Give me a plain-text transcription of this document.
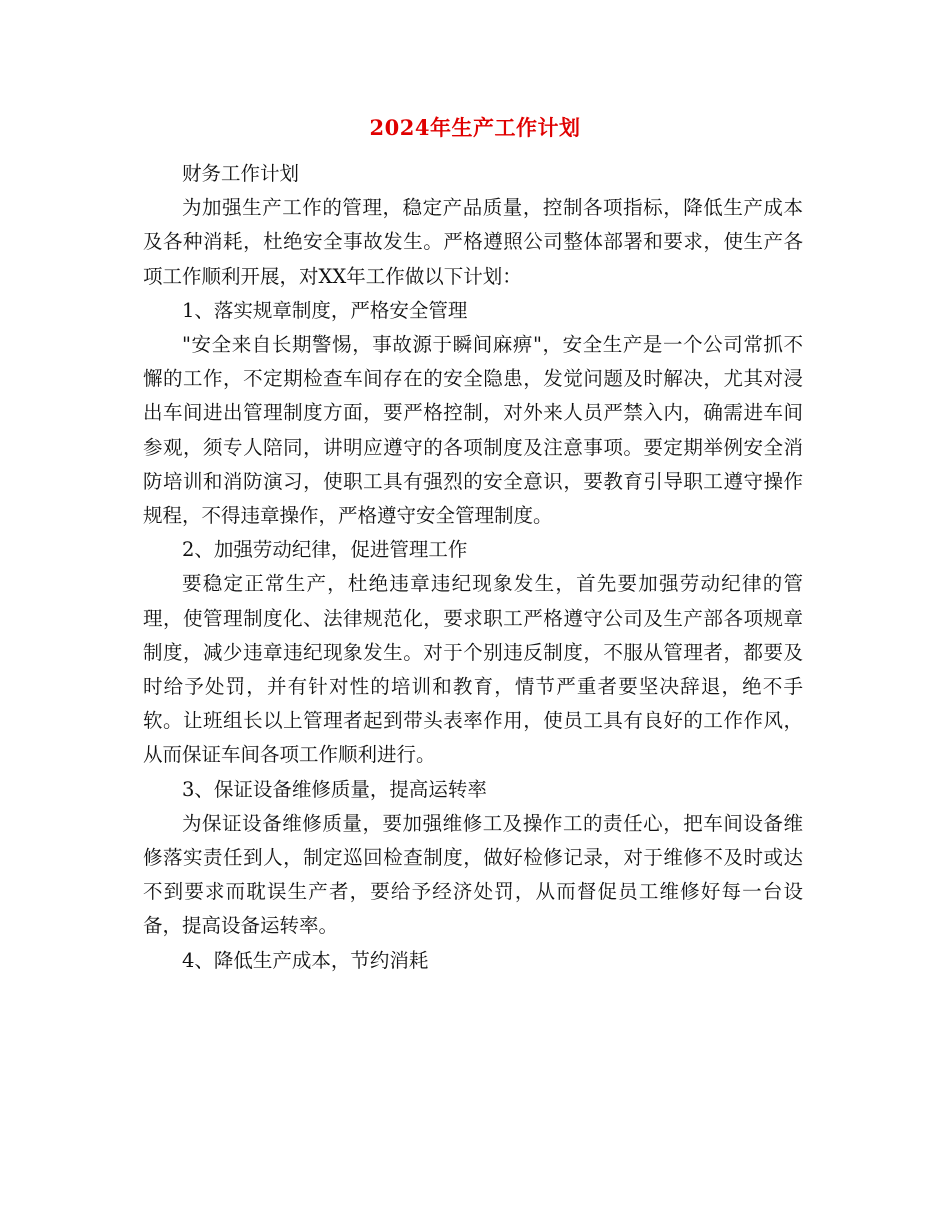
2024年生产工作计划

财务工作计划

为加强生产工作的管理，稳定产品质量，控制各项指标，降低生产成本及各种消耗，杜绝安全事故发生。严格遵照公司整体部署和要求，使生产各项工作顺利开展，对XX年工作做以下计划：

1、落实规章制度，严格安全管理

"安全来自长期警惕，事故源于瞬间麻痹"，安全生产是一个公司常抓不懈的工作，不定期检查车间存在的安全隐患，发觉问题及时解决，尤其对浸出车间进出管理制度方面，要严格控制，对外来人员严禁入内，确需进车间参观，须专人陪同，讲明应遵守的各项制度及注意事项。要定期举例安全消防培训和消防演习，使职工具有强烈的安全意识，要教育引导职工遵守操作规程，不得违章操作，严格遵守安全管理制度。

2、加强劳动纪律，促进管理工作

要稳定正常生产，杜绝违章违纪现象发生，首先要加强劳动纪律的管理，使管理制度化、法律规范化，要求职工严格遵守公司及生产部各项规章制度，减少违章违纪现象发生。对于个别违反制度，不服从管理者，都要及时给予处罚，并有针对性的培训和教育，情节严重者要坚决辞退，绝不手软。让班组长以上管理者起到带头表率作用，使员工具有良好的工作作风，从而保证车间各项工作顺利进行。

3、保证设备维修质量，提高运转率

为保证设备维修质量，要加强维修工及操作工的责任心，把车间设备维修落实责任到人，制定巡回检查制度，做好检修记录，对于维修不及时或达不到要求而耽误生产者，要给予经济处罚，从而督促员工维修好每一台设备，提高设备运转率。

4、降低生产成本，节约消耗
